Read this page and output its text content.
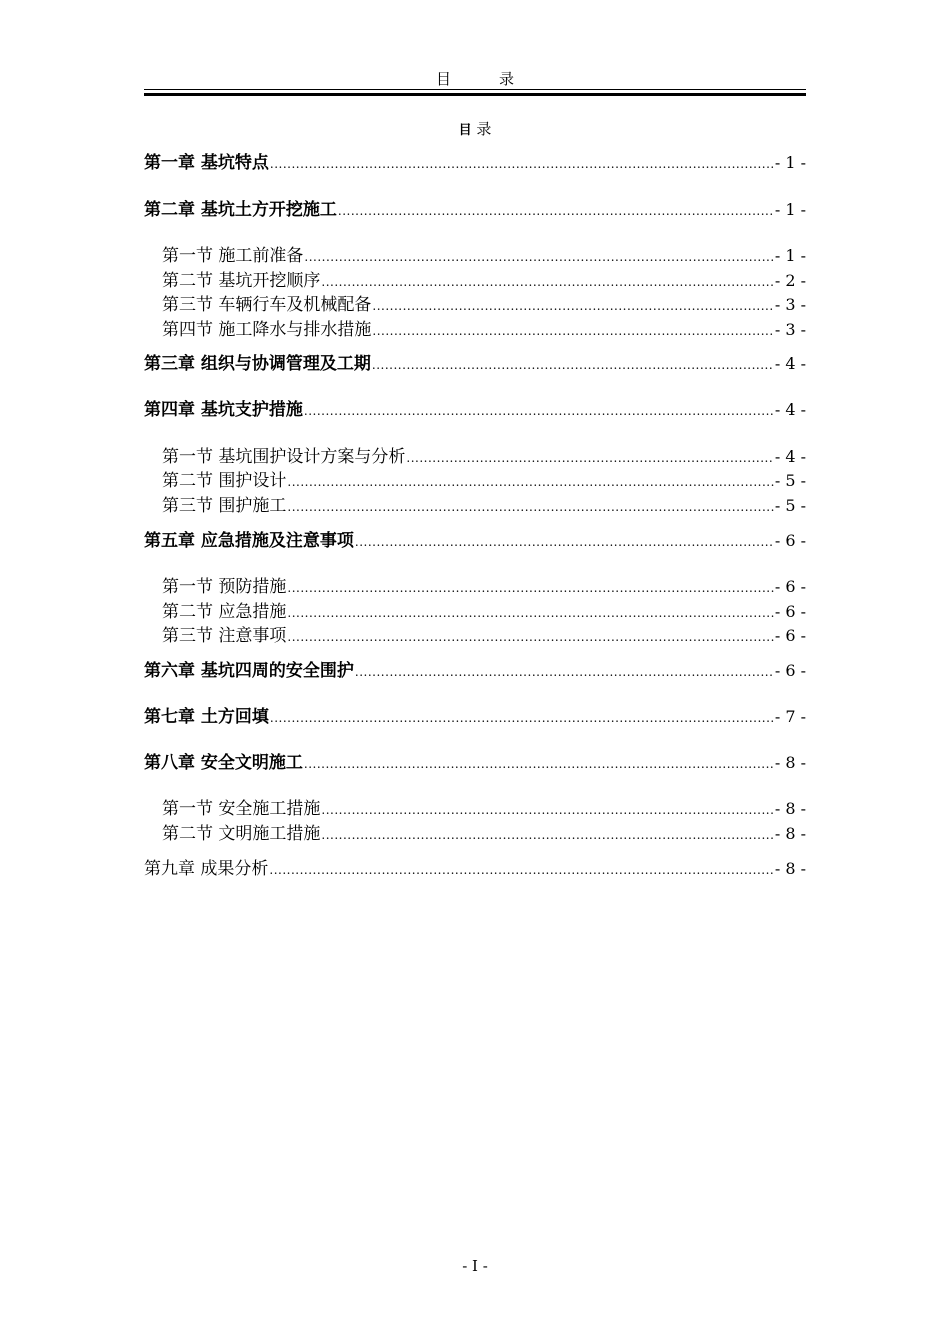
目	录
目 录
第一章 基坑特点 .....	- 1 -
第二章 基坑土方开挖施工 .....	- 1 -
第一节 施工前准备 .....	- 1 -
第二节 基坑开挖顺序 .....	- 2 -
第三节 车辆行车及机械配备 .....	- 3 -
第四节 施工降水与排水措施 .....	- 3 -
第三章 组织与协调管理及工期 .....	- 4 -
第四章 基坑支护措施 .....	- 4 -
第一节 基坑围护设计方案与分析 .....	- 4 -
第二节 围护设计 .....	- 5 -
第三节 围护施工 .....	- 5 -
第五章 应急措施及注意事项 .....	- 6 -
第一节 预防措施 .....	- 6 -
第二节 应急措施 .....	- 6 -
第三节 注意事项 .....	- 6 -
第六章 基坑四周的安全围护 .....	- 6 -
第七章 土方回填 .....	- 7 -
第八章 安全文明施工 .....	- 8 -
第一节 安全施工措施 .....	- 8 -
第二节 文明施工措施 .....	- 8 -
第九章 成果分析 .....	- 8 -
- I -
